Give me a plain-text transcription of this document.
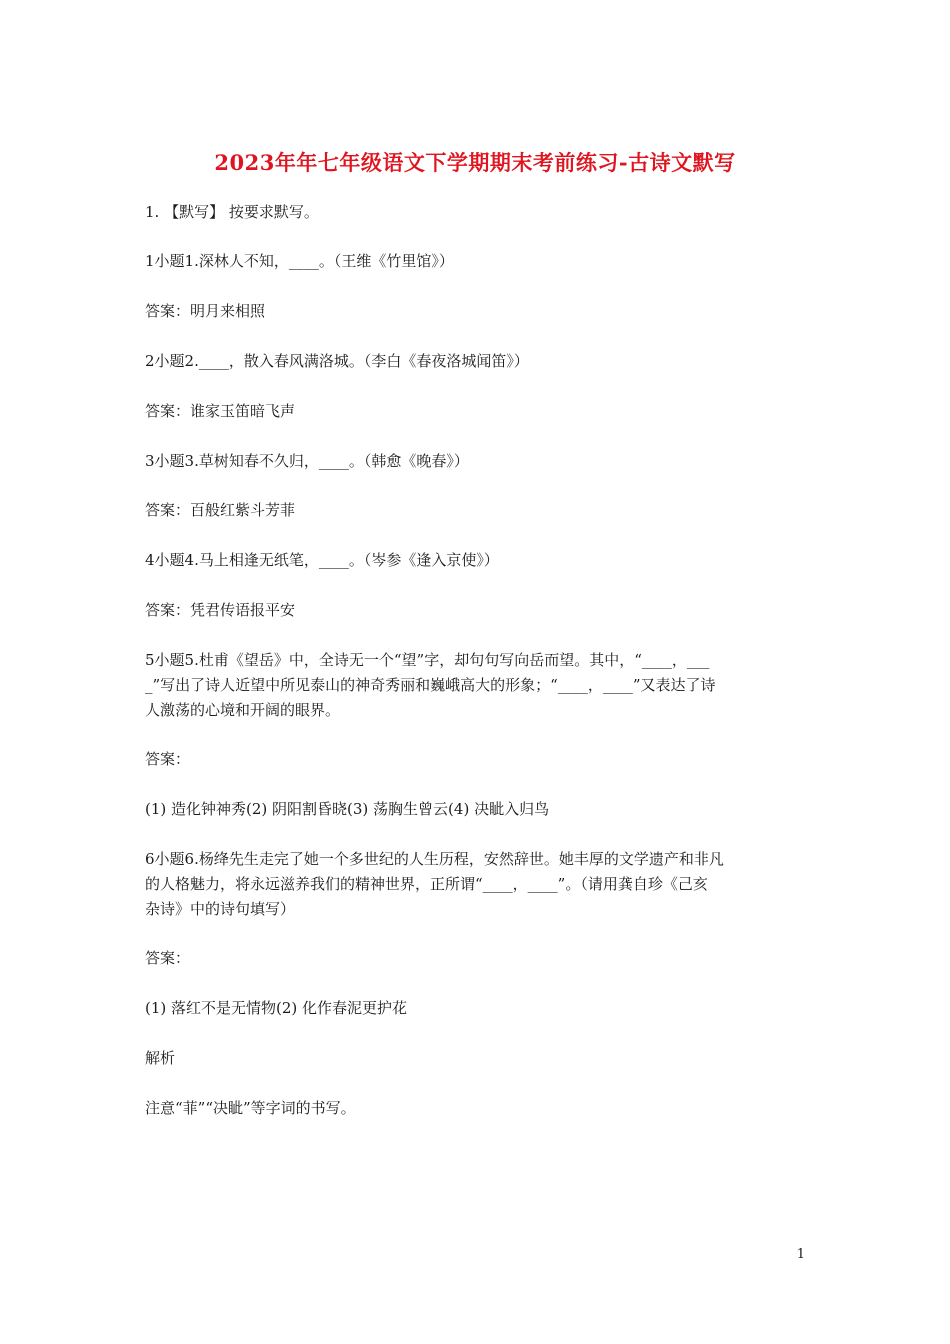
2023年年七年级语文下学期期末考前练习-古诗文默写
1. 【默写】 按要求默写。
1小题1.深林人不知，____。（王维《竹里馆》）
答案：明月来相照
2小题2.____，散入春风满洛城。（李白《春夜洛城闻笛》）
答案：谁家玉笛暗飞声
3小题3.草树知春不久归，____。（韩愈《晚春》）
答案：百般红紫斗芳菲
4小题4.马上相逢无纸笔，____。（岑参《逢入京使》）
答案：凭君传语报平安
5小题5.杜甫《望岳》中，全诗无一个“望”字，却句句写向岳而望。其中，“____，___
_”写出了诗人近望中所见泰山的神奇秀丽和巍峨高大的形象；“____，____”又表达了诗
人激荡的心境和开阔的眼界。
答案：
(1) 造化钟神秀(2) 阴阳割昏晓(3) 荡胸生曾云(4) 决眦入归鸟
6小题6.杨绛先生走完了她一个多世纪的人生历程，安然辞世。她丰厚的文学遗产和非凡
的人格魅力，将永远滋养我们的精神世界，正所谓“____，____”。（请用龚自珍《己亥
杂诗》中的诗句填写）
答案：
(1) 落红不是无情物(2) 化作春泥更护花
解析
注意“菲”“决眦”等字词的书写。
1
